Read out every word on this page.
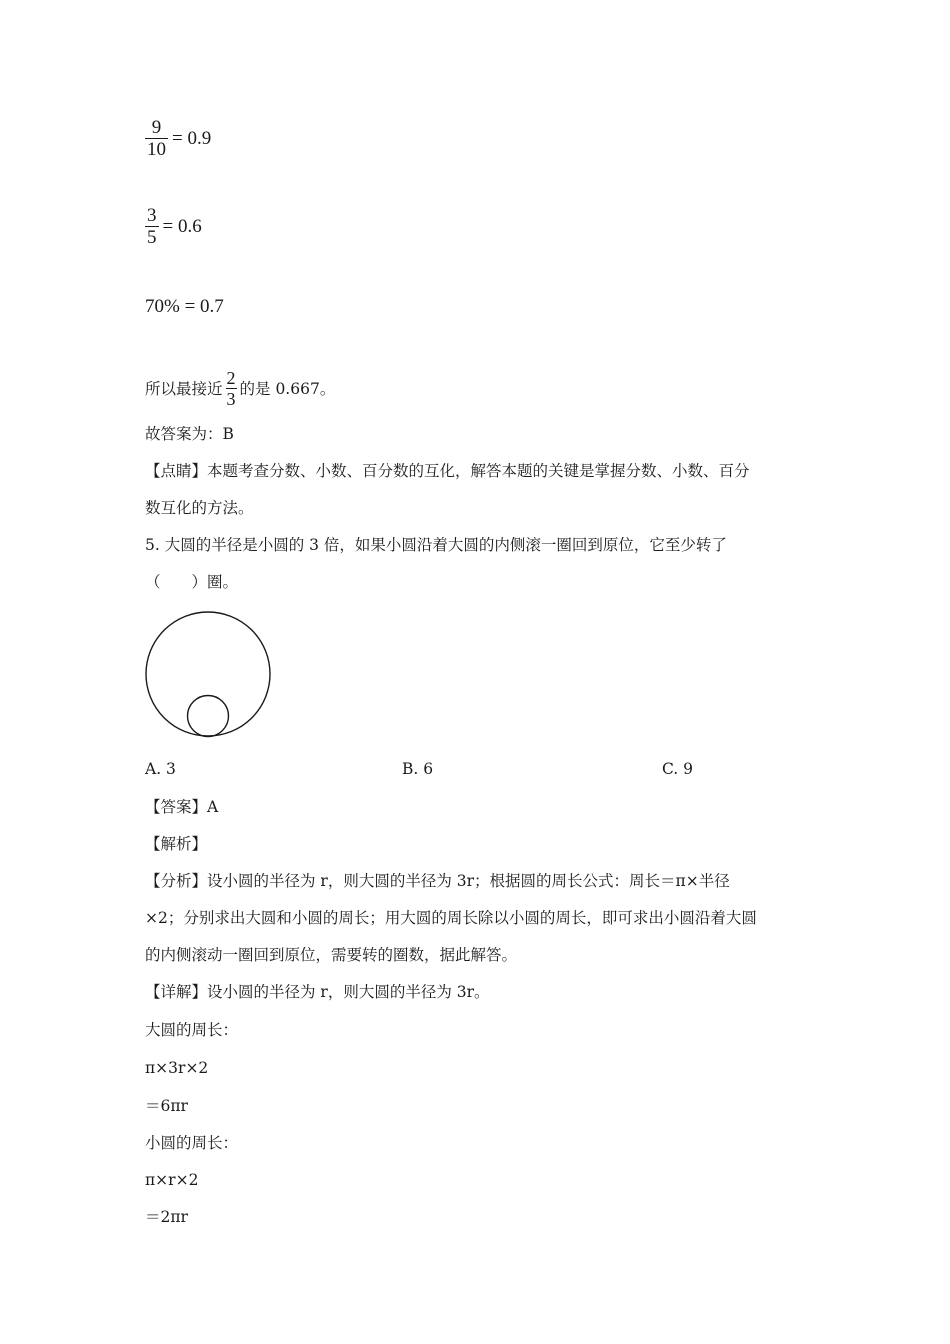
$\frac{9}{10} = 0.9$
$\frac{3}{5} = 0.6$
70% = 0.7
所以最接近 $\frac{2}{3}$ 的是 0.667。
故答案为：B
【点睛】本题考查分数、小数、百分数的互化，解答本题的关键是掌握分数、小数、百分
数互化的方法。
5. 大圆的半径是小圆的 3 倍，如果小圆沿着大圆的内侧滚一圈回到原位，它至少转了
（　　）圈。
A. 3	B. 6	C. 9
【答案】A
【解析】
【分析】设小圆的半径为 r，则大圆的半径为 3r；根据圆的周长公式：周长＝π×半径
×2；分别求出大圆和小圆的周长；用大圆的周长除以小圆的周长，即可求出小圆沿着大圆
的内侧滚动一圈回到原位，需要转的圈数，据此解答。
【详解】设小圆的半径为 r，则大圆的半径为 3r。
大圆的周长：
π×3r×2
＝6πr
小圆的周长：
π×r×2
＝2πr
